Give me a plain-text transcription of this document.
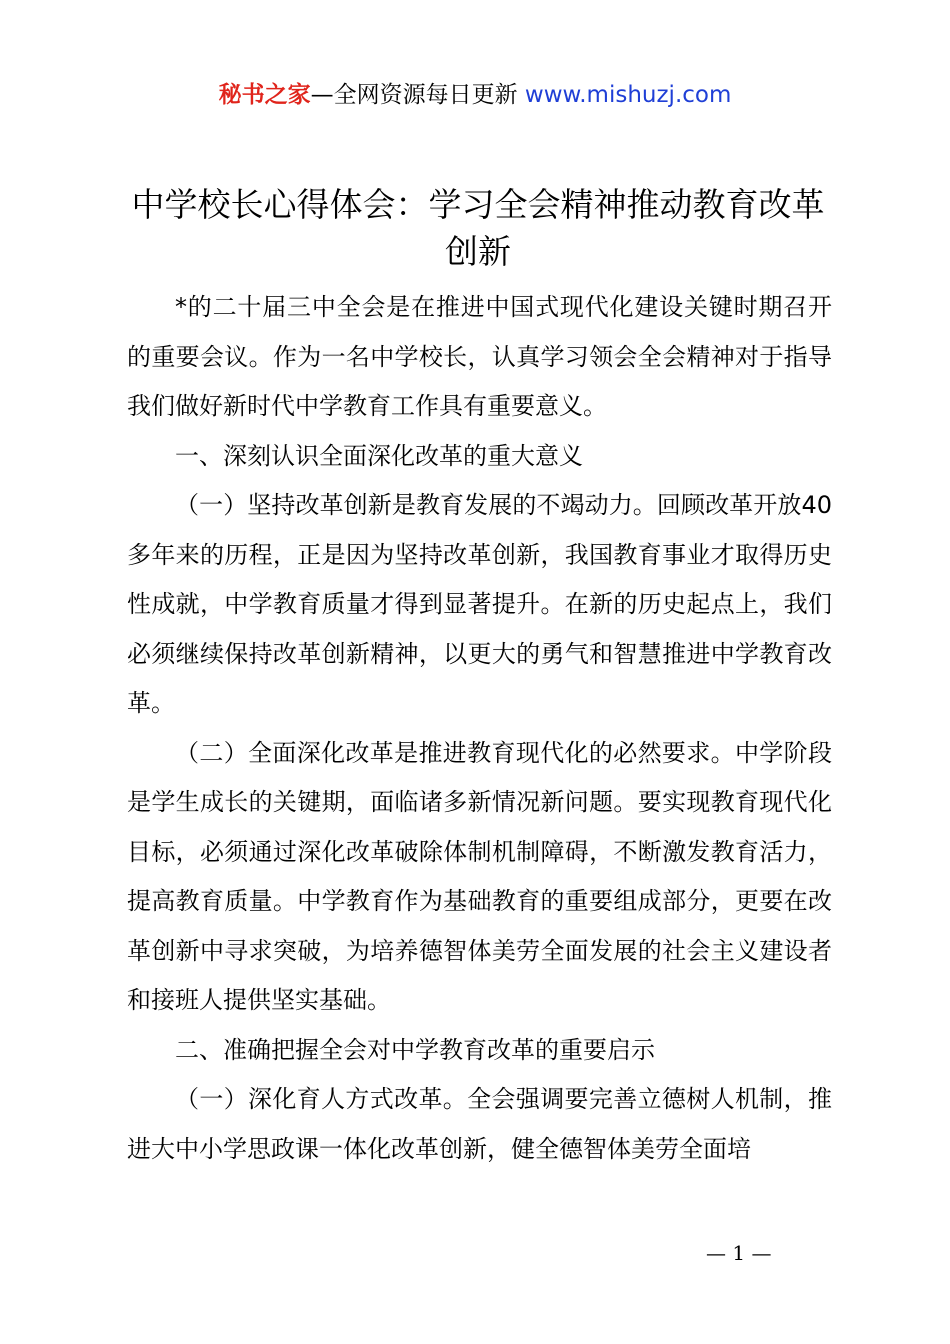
秘书之家—全网资源每日更新 www.mishuzj.com
中学校长心得体会：学习全会精神推动教育改革创新

*的二十届三中全会是在推进中国式现代化建设关键时期召开的重要会议。作为一名中学校长，认真学习领会全会精神对于指导我们做好新时代中学教育工作具有重要意义。

一、深刻认识全面深化改革的重大意义

（一）坚持改革创新是教育发展的不竭动力。回顾改革开放40多年来的历程，正是因为坚持改革创新，我国教育事业才取得历史性成就，中学教育质量才得到显著提升。在新的历史起点上，我们必须继续保持改革创新精神，以更大的勇气和智慧推进中学教育改革。

（二）全面深化改革是推进教育现代化的必然要求。中学阶段是学生成长的关键期，面临诸多新情况新问题。要实现教育现代化目标，必须通过深化改革破除体制机制障碍，不断激发教育活力，提高教育质量。中学教育作为基础教育的重要组成部分，更要在改革创新中寻求突破，为培养德智体美劳全面发展的社会主义建设者和接班人提供坚实基础。

二、准确把握全会对中学教育改革的重要启示

（一）深化育人方式改革。全会强调要完善立德树人机制，推进大中小学思政课一体化改革创新，健全德智体美劳全面培

— 1 —
